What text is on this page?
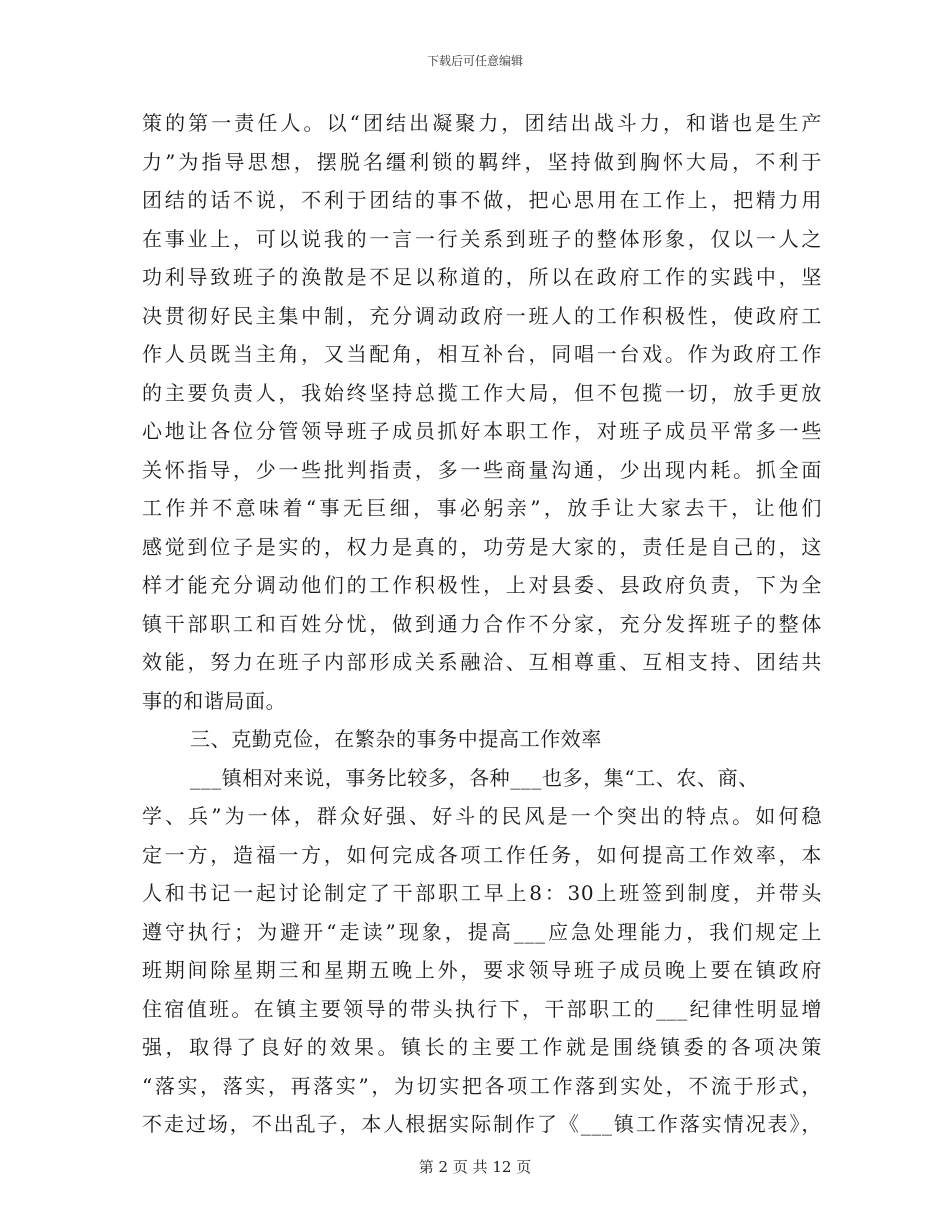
下载后可任意编辑
策的第一责任人。以“团结出凝聚力，团结出战斗力，和谐也是生产
力”为指导思想，摆脱名缰利锁的羁绊，坚持做到胸怀大局，不利于
团结的话不说，不利于团结的事不做，把心思用在工作上，把精力用
在事业上，可以说我的一言一行关系到班子的整体形象，仅以一人之
功利导致班子的涣散是不足以称道的，所以在政府工作的实践中，坚
决贯彻好民主集中制，充分调动政府一班人的工作积极性，使政府工
作人员既当主角，又当配角，相互补台，同唱一台戏。作为政府工作
的主要负责人，我始终坚持总揽工作大局，但不包揽一切，放手更放
心地让各位分管领导班子成员抓好本职工作，对班子成员平常多一些
关怀指导，少一些批判指责，多一些商量沟通，少出现内耗。抓全面
工作并不意味着“事无巨细，事必躬亲”，放手让大家去干，让他们
感觉到位子是实的，权力是真的，功劳是大家的，责任是自己的，这
样才能充分调动他们的工作积极性，上对县委、县政府负责，下为全
镇干部职工和百姓分忧，做到通力合作不分家，充分发挥班子的整体
效能，努力在班子内部形成关系融洽、互相尊重、互相支持、团结共
事的和谐局面。
三、克勤克俭，在繁杂的事务中提高工作效率
___镇相对来说，事务比较多，各种___也多，集“工、农、商、
学、兵”为一体，群众好强、好斗的民风是一个突出的特点。如何稳
定一方，造福一方，如何完成各项工作任务，如何提高工作效率，本
人和书记一起讨论制定了干部职工早上8：30上班签到制度，并带头
遵守执行；为避开“走读”现象，提高___应急处理能力，我们规定上
班期间除星期三和星期五晚上外，要求领导班子成员晚上要在镇政府
住宿值班。在镇主要领导的带头执行下，干部职工的___纪律性明显增
强，取得了良好的效果。镇长的主要工作就是围绕镇委的各项决策
“落实，落实，再落实”，为切实把各项工作落到实处，不流于形式，
不走过场，不出乱子，本人根据实际制作了《___镇工作落实情况表》，
第 2 页 共 12 页
